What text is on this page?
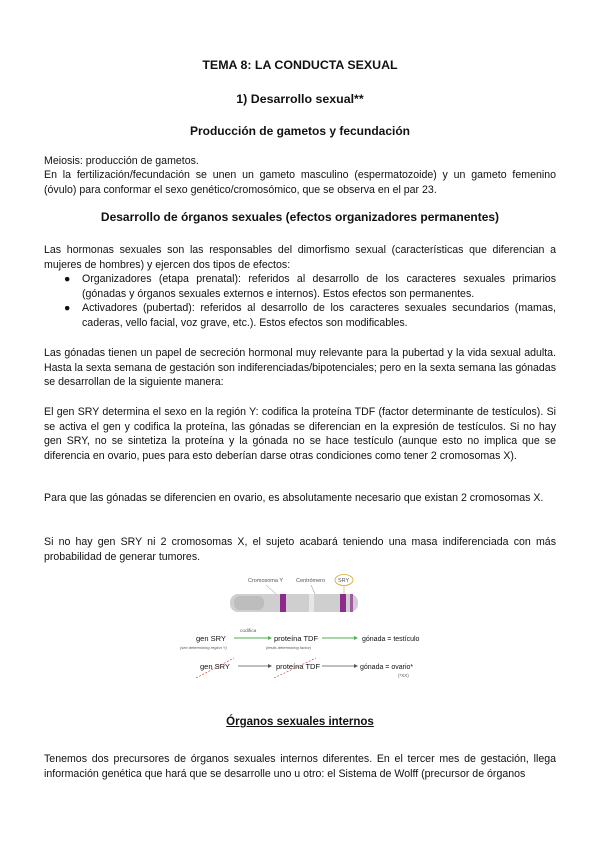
TEMA 8: LA CONDUCTA SEXUAL
1) Desarrollo sexual**
Producción de gametos y fecundación
Meiosis: producción de gametos.
En la fertilización/fecundación se unen un gameto masculino (espermatozoide) y un gameto femenino (óvulo) para conformar el sexo genético/cromosómico, que se observa en el par 23.
Desarrollo de órganos sexuales (efectos organizadores permanentes)
Las hormonas sexuales son las responsables del dimorfismo sexual (características que diferencian a mujeres de hombres) y ejercen dos tipos de efectos:
● Organizadores (etapa prenatal): referidos al desarrollo de los caracteres sexuales primarios (gónadas y órganos sexuales externos e internos). Estos efectos son permanentes.
● Activadores (pubertad): referidos al desarrollo de los caracteres sexuales secundarios (mamas, caderas, vello facial, voz grave, etc.). Estos efectos son modificables.
Las gónadas tienen un papel de secreción hormonal muy relevante para la pubertad y la vida sexual adulta. Hasta la sexta semana de gestación son indiferenciadas/bipotenciales; pero en la sexta semana las gónadas se desarrollan de la siguiente manera:
El gen SRY determina el sexo en la región Y: codifica la proteína TDF (factor determinante de testículos). Si se activa el gen y codifica la proteína, las gónadas se diferencian en la expresión de testículos. Si no hay gen SRY, no se sintetiza la proteína y la gónada no se hace testículo (aunque esto no implica que se diferencia en ovario, pues para esto deberían darse otras condiciones como tener 2 cromosomas X).
Para que las gónadas se diferencien en ovario, es absolutamente necesario que existan 2 cromosomas X.
Si no hay gen SRY ni 2 cromosomas X, el sujeto acabará teniendo una masa indiferenciada con más probabilidad de generar tumores.
Cromosoma Y Centrómero SRY
gen SRY
(sex determining region Y)
codifica
proteína TDF
(testis determining factor)
gónada = testículo
gen SRY	proteína TDF	gónada = ovario*
(*XX)
Órganos sexuales internos
Tenemos dos precursores de órganos sexuales internos diferentes. En el tercer mes de gestación, llega información genética que hará que se desarrolle uno u otro: el Sistema de Wolff (precursor de órganos
